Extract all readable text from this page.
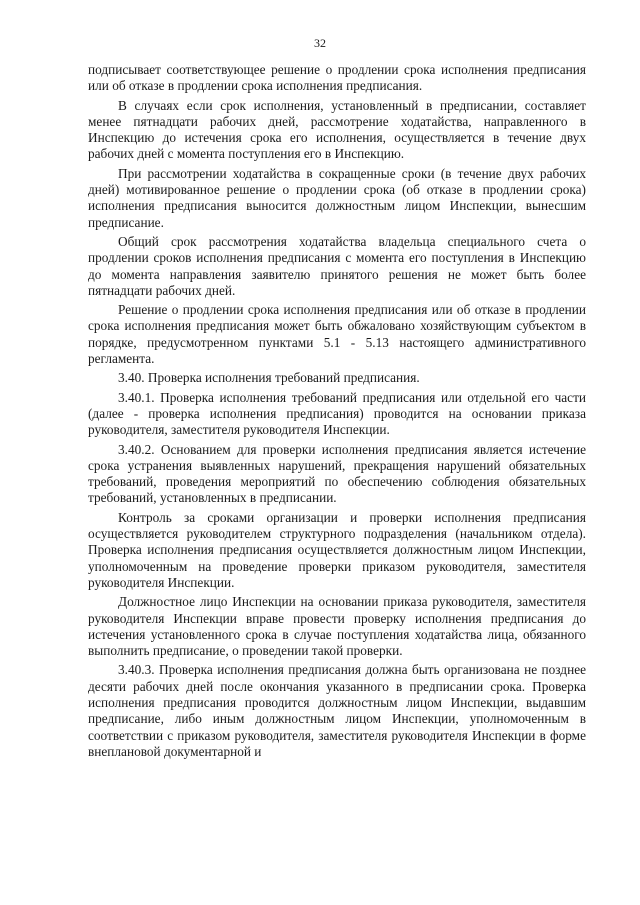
32

подписывает соответствующее решение о продлении срока исполнения предписания или об отказе в продлении срока исполнения предписания.

В случаях если срок исполнения, установленный в предписании, составляет менее пятнадцати рабочих дней, рассмотрение ходатайства, направленного в Инспекцию до истечения срока его исполнения, осуществляется в течение двух рабочих дней с момента поступления его в Инспекцию.

При рассмотрении ходатайства в сокращенные сроки (в течение двух рабочих дней) мотивированное решение о продлении срока (об отказе в продлении срока) исполнения предписания выносится должностным лицом Инспекции, вынесшим предписание.

Общий срок рассмотрения ходатайства владельца специального счета о продлении сроков исполнения предписания с момента его поступления в Инспекцию до момента направления заявителю принятого решения не может быть более пятнадцати рабочих дней.

Решение о продлении срока исполнения предписания или об отказе в продлении срока исполнения предписания может быть обжаловано хозяйствующим субъектом в порядке, предусмотренном пунктами 5.1 - 5.13 настоящего административного регламента.

3.40. Проверка исполнения требований предписания.

3.40.1. Проверка исполнения требований предписания или отдельной его части (далее - проверка исполнения предписания) проводится на основании приказа руководителя, заместителя руководителя Инспекции.

3.40.2. Основанием для проверки исполнения предписания является истечение срока устранения выявленных нарушений, прекращения нарушений обязательных требований, проведения мероприятий по обеспечению соблюдения обязательных требований, установленных в предписании.

Контроль за сроками организации и проверки исполнения предписания осуществляется руководителем структурного подразделения (начальником отдела). Проверка исполнения предписания осуществляется должностным лицом Инспекции, уполномоченным на проведение проверки приказом руководителя, заместителя руководителя Инспекции.

Должностное лицо Инспекции на основании приказа руководителя, заместителя руководителя Инспекции вправе провести проверку исполнения предписания до истечения установленного срока в случае поступления ходатайства лица, обязанного выполнить предписание, о проведении такой проверки.

3.40.3. Проверка исполнения предписания должна быть организована не позднее десяти рабочих дней после окончания указанного в предписании срока. Проверка исполнения предписания проводится должностным лицом Инспекции, выдавшим предписание, либо иным должностным лицом Инспекции, уполномоченным в соответствии с приказом руководителя, заместителя руководителя Инспекции в форме внеплановой документарной и
